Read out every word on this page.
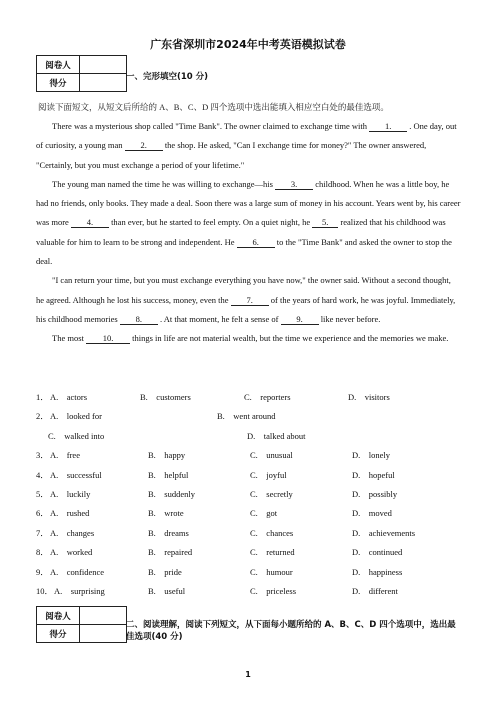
广东省深圳市2024年中考英语模拟试卷
阅卷人	
得分	
一、完形填空(10 分)
阅读下面短文，从短文后所给的 A、B、C、D 四个选项中选出能填入相应空白处的最佳选项。

There was a mysterious shop called "Time Bank". The owner claimed to exchange time with 1. . One day, out of curiosity, a young man 2. the shop. He asked, "Can I exchange time for money?" The owner answered, "Certainly, but you must exchange a period of your lifetime."

The young man named the time he was willing to exchange—his 3. childhood. When he was a little boy, he had no friends, only books. They made a deal. Soon there was a large sum of money in his account. Years went by, his career was more 4. than ever, but he started to feel empty. On a quiet night, he 5. realized that his childhood was valuable for him to learn to be strong and independent. He 6. to the "Time Bank" and asked the owner to stop the deal.

"I can return your time, but you must exchange everything you have now," the owner said. Without a second thought, he agreed. Although he lost his success, money, even the 7. of the years of hard work, he was joyful. Immediately, his childhood memories 8. . At that moment, he felt a sense of 9. like never before.

The most 10. things in life are not material wealth, but the time we experience and the memories we make.

1． A.　actors	B.　customers	C.　reporters	D.　visitors
2． A.　looked for	B.　went around
C.　walked into	D.　talked about
3． A.　free	B.　happy	C.　unusual	D.　lonely
4． A.　successful	B.　helpful	C.　joyful	D.　hopeful
5． A.　luckily	B.　suddenly	C.　secretly	D.　possibly
6． A.　rushed	B.　wrote	C.　got	D.　moved
7． A.　changes	B.　dreams	C.　chances	D.　achievements
8． A.　worked	B.　repaired	C.　returned	D.　continued
9． A.　confidence	B.　pride	C.　humour	D.　happiness
10． A.　surprising	B.　useful	C.　priceless	D.　different
阅卷人	
得分	
二、阅读理解，阅读下列短文，从下面每小题所给的 A、B、C、D 四个选项中，选出最佳选项(40 分)
1
